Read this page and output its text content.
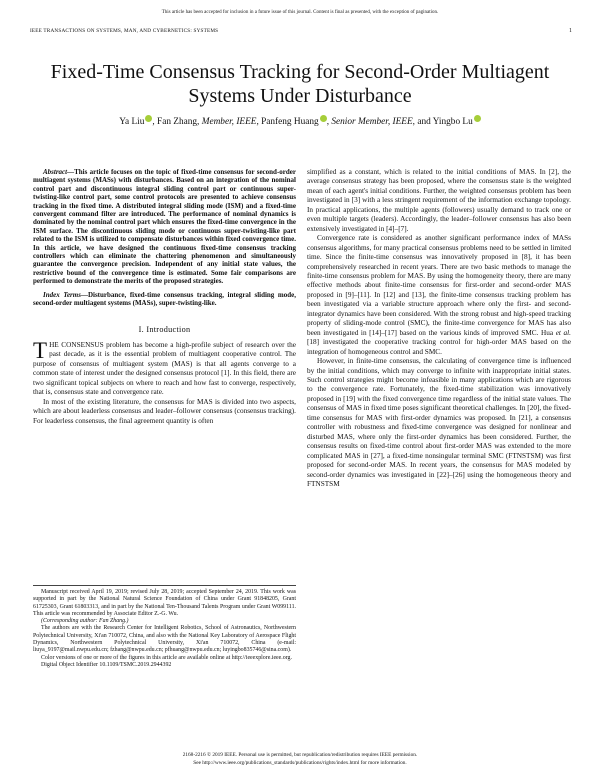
This article has been accepted for inclusion in a future issue of this journal. Content is final as presented, with the exception of pagination.
IEEE TRANSACTIONS ON SYSTEMS, MAN, AND CYBERNETICS: SYSTEMS	1
Fixed-Time Consensus Tracking for Second-Order Multiagent Systems Under Disturbance
Ya Liu , Fan Zhang, Member, IEEE, Panfeng Huang , Senior Member, IEEE, and Yingbo Lu

Abstract—This article focuses on the topic of fixed-time consensus for second-order multiagent systems (MASs) with disturbances. Based on an integration of the nominal control part and discontinuous integral sliding control part or continuous super-twisting-like control part, some control protocols are presented to achieve consensus tracking in the fixed time. A distributed integral sliding mode (ISM) and a fixed-time convergent command filter are introduced. The performance of nominal dynamics is dominated by the nominal control part which ensures the fixed-time convergence in the ISM surface. The discontinuous sliding mode or continuous super-twisting-like part related to the ISM is utilized to compensate disturbances within fixed convergence time. In this article, we have designed the continuous fixed-time consensus tracking controllers which can eliminate the chattering phenomenon and simultaneously guarantee the convergence precision. Independent of any initial state values, the restrictive bound of the convergence time is estimated. Some fair comparisons are performed to demonstrate the merits of the proposed strategies.

Index Terms—Disturbance, fixed-time consensus tracking, integral sliding mode, second-order multiagent systems (MASs), super-twisting-like.

I. Introduction

THE CONSENSUS problem has become a high-profile subject of research over the past decade, as it is the essential problem of multiagent cooperative control. The purpose of consensus of multiagent system (MAS) is that all agents converge to a common state of interest under the designed consensus protocol [1]. In this field, there are two significant topical subjects on where to reach and how fast to converge, respectively, that is, consensus state and convergence rate.

In most of the existing literature, the consensus for MAS is divided into two aspects, which are about leaderless consensus and leader–follower consensus (consensus tracking). For leaderless consensus, the final agreement quantity is often

Manuscript received April 19, 2019; revised July 28, 2019; accepted September 24, 2019. This work was supported in part by the National Natural Science Foundation of China under Grant 91848205, Grant 61725303, Grant 61803313, and in part by the National Ten-Thousand Talents Program under Grant W099111. This article was recommended by Associate Editor Z.-G. Wu.

(Corresponding author: Fan Zhang.)

The authors are with the Research Center for Intelligent Robotics, School of Astronautics, Northwestern Polytechnical University, Xi'an 710072, China, and also with the National Key Laboratory of Aerospace Flight Dynamics, Northwestern Polytechnical University, Xi'an 710072, China (e-mail: liuya_9197@mail.nwpu.edu.cn; fzhang@nwpu.edu.cn; pfhuang@nwpu.edu.cn; luyingbo835746@sina.com).

Color versions of one or more of the figures in this article are available online at http://ieeexplore.ieee.org.

Digital Object Identifier 10.1109/TSMC.2019.2944392

simplified as a constant, which is related to the initial conditions of MAS. In [2], the average consensus strategy has been proposed, where the consensus state is the weighted mean of each agent's initial conditions. Further, the weighted consensus problem has been investigated in [3] with a less stringent requirement of the information exchange topology. In practical applications, the multiple agents (followers) usually demand to track one or even multiple targets (leaders). Accordingly, the leader–follower consensus has also been extensively investigated in [4]–[7].

Convergence rate is considered as another significant performance index of MASs consensus algorithms, for many practical consensus problems need to be settled in limited time. Since the finite-time consensus was innovatively proposed in [8], it has been comprehensively researched in recent years. There are two basic methods to manage the finite-time consensus problem for MAS. By using the homogeneity theory, there are many effective methods about finite-time consensus for first-order and second-order MAS proposed in [9]–[11]. In [12] and [13], the finite-time consensus tracking problem has been investigated via a variable structure approach where only the first- and second-integrator dynamics have been considered. With the strong robust and high-speed tracking property of sliding-mode control (SMC), the finite-time convergence for MAS has also been investigated in [14]–[17] based on the various kinds of improved SMC. Hua et al. [18] investigated the cooperative tracking control for high-order MAS based on the integration of homogeneous control and SMC.

However, in finite-time consensus, the calculating of convergence time is influenced by the initial conditions, which may converge to infinite with inappropriate initial states. Such control strategies might become infeasible in many applications which are rigorous to the convergence rate. Fortunately, the fixed-time stabilization was innovatively proposed in [19] with the fixed convergence time regardless of the initial state values. The consensus of MAS in fixed time poses significant theoretical challenges. In [20], the fixed-time consensus for MAS with first-order dynamics was proposed. In [21], a consensus controller with robustness and fixed-time convergence was designed for nonlinear and disturbed MAS, where only the first-order dynamics has been considered. Further, the consensus results on fixed-time control about first-order MAS was extended to the more complicated MAS in [27], a fixed-time nonsingular terminal SMC (FTNSTSM) was first proposed for second-order MAS. In recent years, the consensus for MAS modeled by second-order dynamics was investigated in [22]–[26] using the homogeneous theory and FTNSTSM

2168-2216 © 2019 IEEE. Personal use is permitted, but republication/redistribution requires IEEE permission.
See http://www.ieee.org/publications_standards/publications/rights/index.html for more information.
